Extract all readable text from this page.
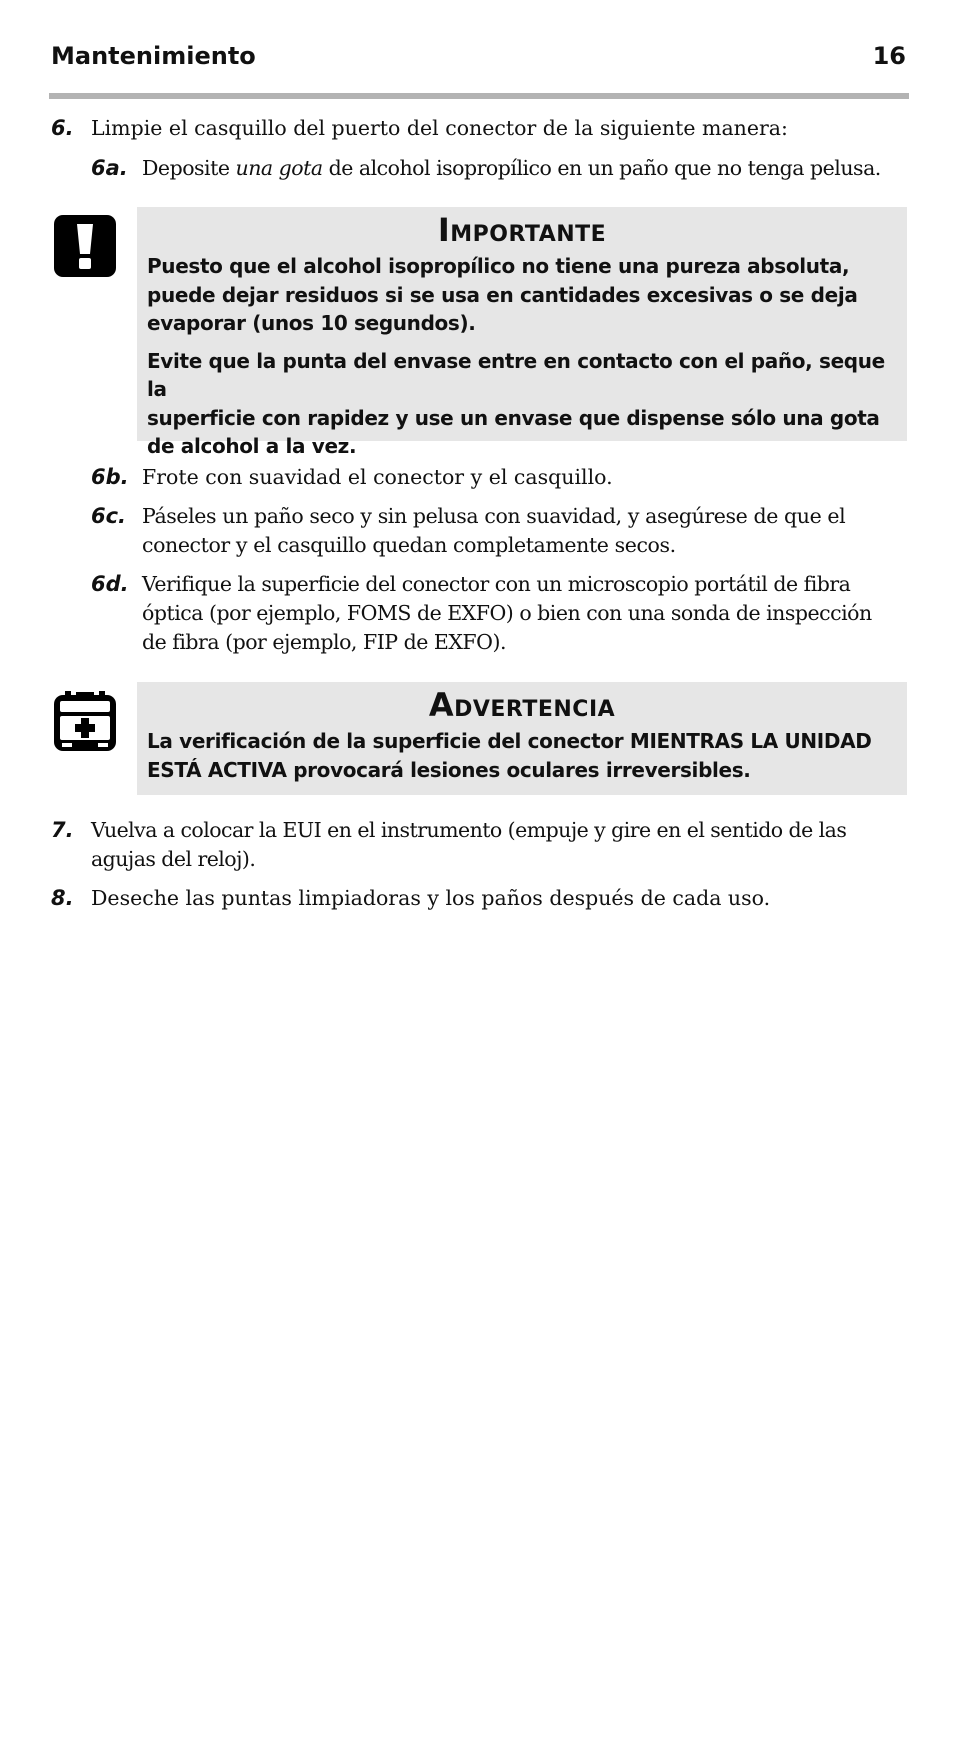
Mantenimiento	16
6. Limpie el casquillo del puerto del conector de la siguiente manera:
6a. Deposite una gota de alcohol isopropílico en un paño que no tenga pelusa.
Importante
Puesto que el alcohol isopropílico no tiene una pureza absoluta,
puede dejar residuos si se usa en cantidades excesivas o se deja
evaporar (unos 10 segundos).
Evite que la punta del envase entre en contacto con el paño, seque la
superficie con rapidez y use un envase que dispense sólo una gota
de alcohol a la vez.
6b. Frote con suavidad el conector y el casquillo.
6c. Páseles un paño seco y sin pelusa con suavidad, y asegúrese de que el
conector y el casquillo quedan completamente secos.
6d. Verifique la superficie del conector con un microscopio portátil de fibra
óptica (por ejemplo, FOMS de EXFO) o bien con una sonda de inspección
de fibra (por ejemplo, FIP de EXFO).
Advertencia
La verificación de la superficie del conector MIENTRAS LA UNIDAD
ESTÁ ACTIVA provocará lesiones oculares irreversibles.
7. Vuelva a colocar la EUI en el instrumento (empuje y gire en el sentido de las
agujas del reloj).
8. Deseche las puntas limpiadoras y los paños después de cada uso.
